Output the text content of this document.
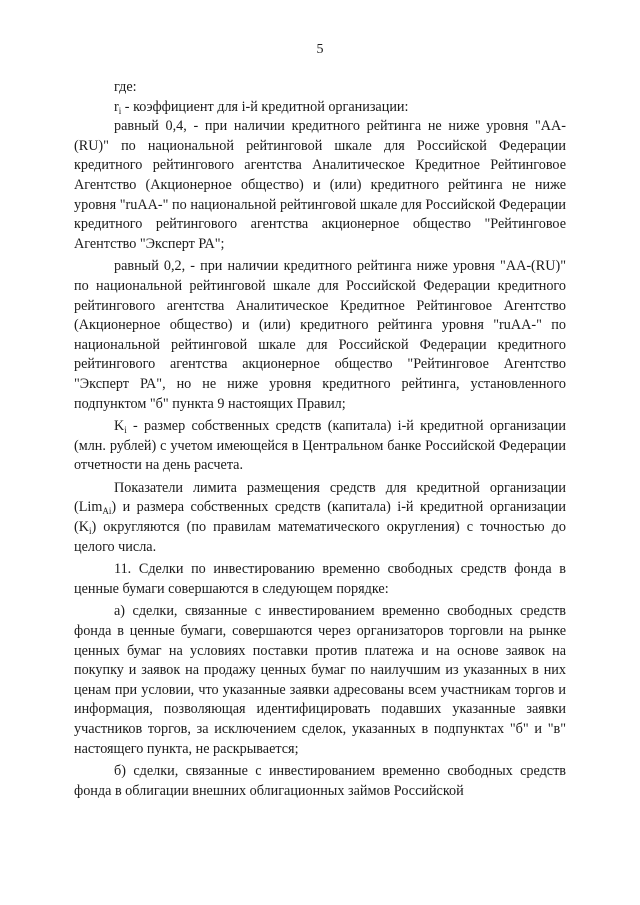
5

где:

$r_i$ - коэффициент для i-й кредитной организации:

равный 0,4, - при наличии кредитного рейтинга не ниже уровня "AA-(RU)" по национальной рейтинговой шкале для Российской Федерации кредитного рейтингового агентства Аналитическое Кредитное Рейтинговое Агентство (Акционерное общество) и (или) кредитного рейтинга не ниже уровня "ruAA-" по национальной рейтинговой шкале для Российской Федерации кредитного рейтингового агентства акционерное общество "Рейтинговое Агентство "Эксперт РА";

равный 0,2, - при наличии кредитного рейтинга ниже уровня "AA-(RU)" по национальной рейтинговой шкале для Российской Федерации кредитного рейтингового агентства Аналитическое Кредитное Рейтинговое Агентство (Акционерное общество) и (или) кредитного рейтинга уровня "ruAA-" по национальной рейтинговой шкале для Российской Федерации кредитного рейтингового агентства акционерное общество "Рейтинговое Агентство "Эксперт РА", но не ниже уровня кредитного рейтинга, установленного подпунктом "б" пункта 9 настоящих Правил;

$K_i$ - размер собственных средств (капитала) i-й кредитной организации (млн. рублей) с учетом имеющейся в Центральном банке Российской Федерации отчетности на день расчета.

Показатели лимита размещения средств для кредитной организации (Lim$_{Ai}$) и размера собственных средств (капитала) i-й кредитной организации $(K_i)$ округляются (по правилам математического округления) с точностью до целого числа.

11. Сделки по инвестированию временно свободных средств фонда в ценные бумаги совершаются в следующем порядке:

а) сделки, связанные с инвестированием временно свободных средств фонда в ценные бумаги, совершаются через организаторов торговли на рынке ценных бумаг на условиях поставки против платежа и на основе заявок на покупку и заявок на продажу ценных бумаг по наилучшим из указанных в них ценам при условии, что указанные заявки адресованы всем участникам торгов и информация, позволяющая идентифицировать подавших указанные заявки участников торгов, за исключением сделок, указанных в подпунктах "б" и "в" настоящего пункта, не раскрывается;

б) сделки, связанные с инвестированием временно свободных средств фонда в облигации внешних облигационных займов Российской
